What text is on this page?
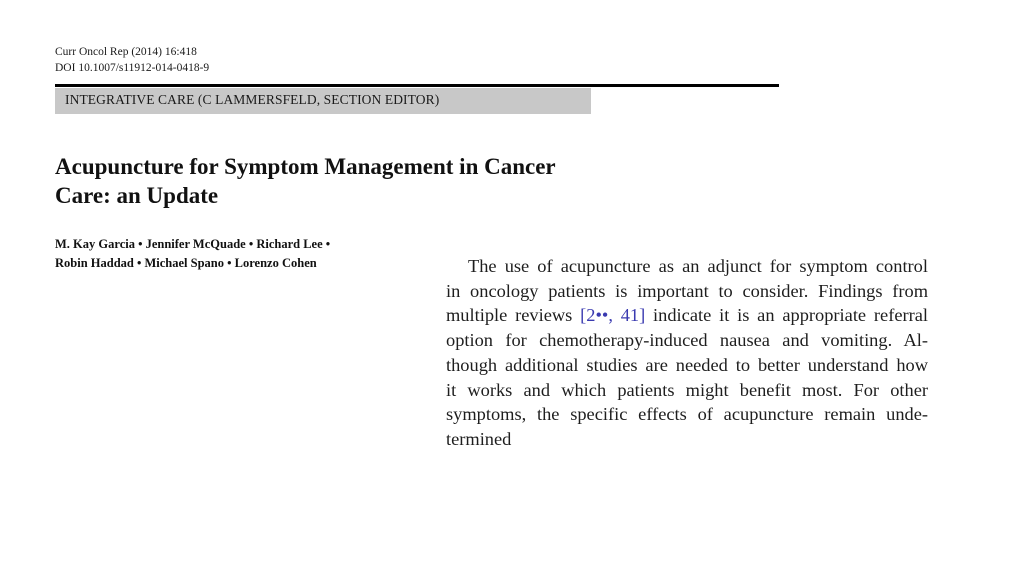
Curr Oncol Rep (2014) 16:418
DOI 10.1007/s11912-014-0418-9
INTEGRATIVE CARE (C LAMMERSFELD, SECTION EDITOR)
Acupuncture for Symptom Management in Cancer
Care: an Update
M. Kay Garcia • Jennifer McQuade • Richard Lee •
Robin Haddad • Michael Spano • Lorenzo Cohen	The use of acupuncture as an adjunct for symptom control
in oncology patients is important to consider. Findings from
multiple reviews [2••, 41] indicate it is an appropriate referral
option for chemotherapy-induced nausea and vomiting. Al-
though additional studies are needed to better understand how
it works and which patients might benefit most. For other
symptoms, the specific effects of acupuncture remain unde-
termined
